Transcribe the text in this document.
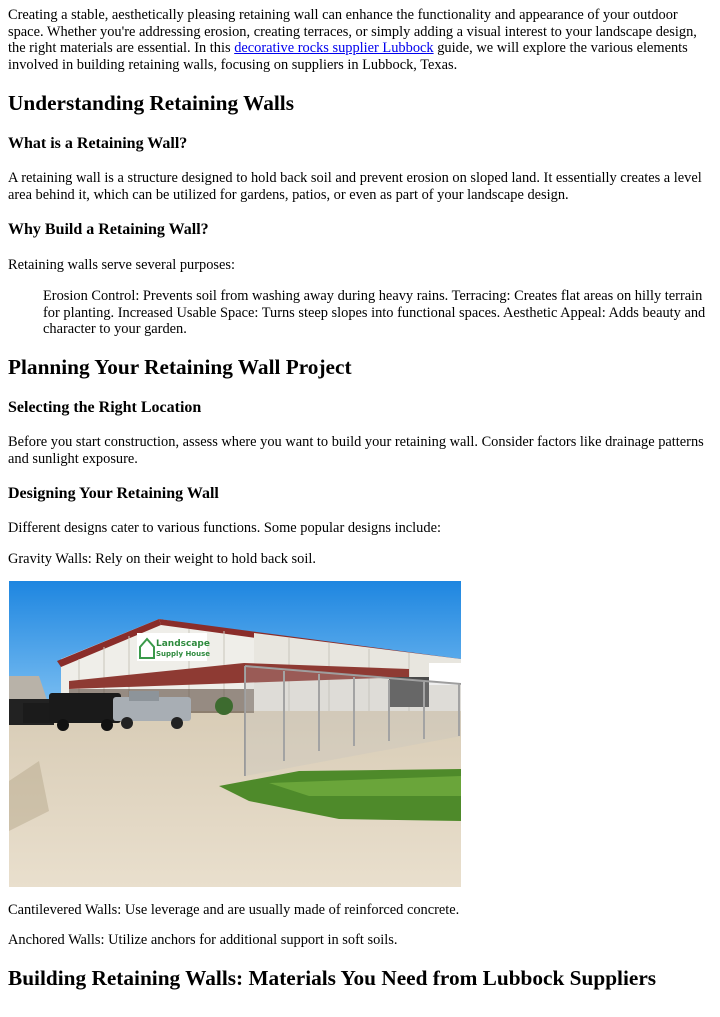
Creating a stable, aesthetically pleasing retaining wall can enhance the functionality and appearance of your outdoor space. Whether you're addressing erosion, creating terraces, or simply adding a visual interest to your landscape design, the right materials are essential. In this decorative rocks supplier Lubbock guide, we will explore the various elements involved in building retaining walls, focusing on suppliers in Lubbock, Texas.

Understanding Retaining Walls
What is a Retaining Wall?

A retaining wall is a structure designed to hold back soil and prevent erosion on sloped land. It essentially creates a level area behind it, which can be utilized for gardens, patios, or even as part of your landscape design.

Why Build a Retaining Wall?

Retaining walls serve several purposes:

Erosion Control: Prevents soil from washing away during heavy rains. Terracing: Creates flat areas on hilly terrain for planting. Increased Usable Space: Turns steep slopes into functional spaces. Aesthetic Appeal: Adds beauty and character to your garden.

Planning Your Retaining Wall Project
Selecting the Right Location

Before you start construction, assess where you want to build your retaining wall. Consider factors like drainage patterns and sunlight exposure.

Designing Your Retaining Wall

Different designs cater to various functions. Some popular designs include:

Gravity Walls: Rely on their weight to hold back soil.

Landscape
Supply House

Cantilevered Walls: Use leverage and are usually made of reinforced concrete.

Anchored Walls: Utilize anchors for additional support in soft soils.

Building Retaining Walls: Materials You Need from Lubbock Suppliers
